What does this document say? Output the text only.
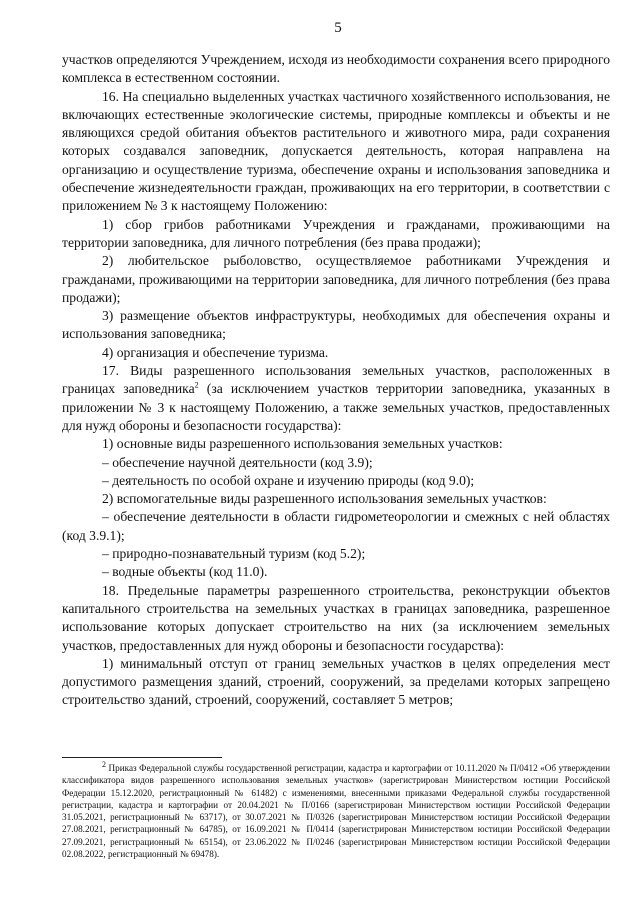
5

участков определяются Учреждением, исходя из необходимости сохранения всего природного комплекса в естественном состоянии.

16. На специально выделенных участках частичного хозяйственного использования, не включающих естественные экологические системы, природные комплексы и объекты и не являющихся средой обитания объектов растительного и животного мира, ради сохранения которых создавался заповедник, допускается деятельность, которая направлена на организацию и осуществление туризма, обеспечение охраны и использования заповедника и обеспечение жизнедеятельности граждан, проживающих на его территории, в соответствии с приложением № 3 к настоящему Положению:

1) сбор грибов работниками Учреждения и гражданами, проживающими на территории заповедника, для личного потребления (без права продажи);

2) любительское рыболовство, осуществляемое работниками Учреждения и гражданами, проживающими на территории заповедника, для личного потребления (без права продажи);

3) размещение объектов инфраструктуры, необходимых для обеспечения охраны и использования заповедника;

4) организация и обеспечение туризма.

17. Виды разрешенного использования земельных участков, расположенных в границах заповедника$^2$ (за исключением участков территории заповедника, указанных в приложении № 3 к настоящему Положению, а также земельных участков, предоставленных для нужд обороны и безопасности государства):

1) основные виды разрешенного использования земельных участков:

– обеспечение научной деятельности (код 3.9);

– деятельность по особой охране и изучению природы (код 9.0);

2) вспомогательные виды разрешенного использования земельных участков:

– обеспечение деятельности в области гидрометеорологии и смежных с ней областях (код 3.9.1);

– природно-познавательный туризм (код 5.2);

– водные объекты (код 11.0).

18. Предельные параметры разрешенного строительства, реконструкции объектов капитального строительства на земельных участках в границах заповедника, разрешенное использование которых допускает строительство на них (за исключением земельных участков, предоставленных для нужд обороны и безопасности государства):

1) минимальный отступ от границ земельных участков в целях определения мест допустимого размещения зданий, строений, сооружений, за пределами которых запрещено строительство зданий, строений, сооружений, составляет 5 метров;

$^2$ Приказ Федеральной службы государственной регистрации, кадастра и картографии от 10.11.2020 № П/0412 «Об утверждении классификатора видов разрешенного использования земельных участков» (зарегистрирован Министерством юстиции Российской Федерации 15.12.2020, регистрационный № 61482) с изменениями, внесенными приказами Федеральной службы государственной регистрации, кадастра и картографии от 20.04.2021 № П/0166 (зарегистрирован Министерством юстиции Российской Федерации 31.05.2021, регистрационный № 63717), от 30.07.2021 № П/0326 (зарегистрирован Министерством юстиции Российской Федерации 27.08.2021, регистрационный № 64785), от 16.09.2021 № П/0414 (зарегистрирован Министерством юстиции Российской Федерации 27.09.2021, регистрационный № 65154), от 23.06.2022 № П/0246 (зарегистрирован Министерством юстиции Российской Федерации 02.08.2022, регистрационный № 69478).
